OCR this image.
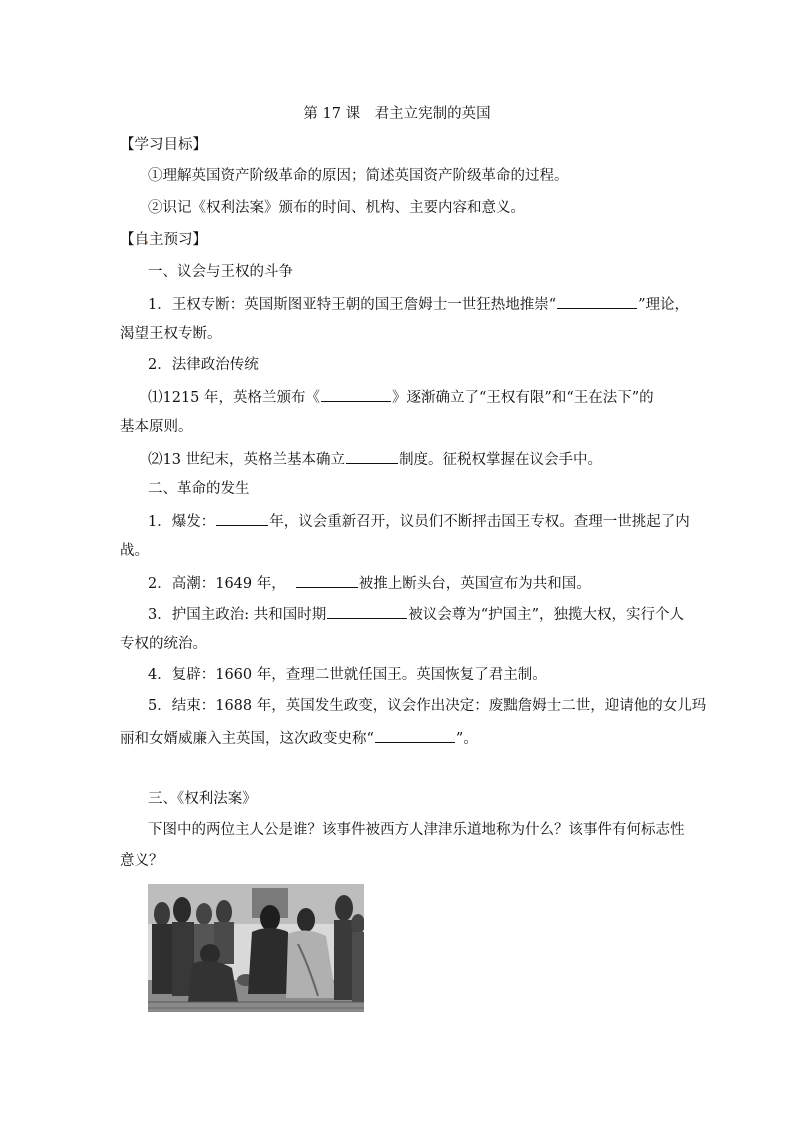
第 17 课　君主立宪制的英国
【学习目标】
①理解英国资产阶级革命的原因；简述英国资产阶级革命的过程。
②识记《权利法案》颁布的时间、机构、主要内容和意义。
【自主预习】
一、议会与王权的斗争
1．王权专断：英国斯图亚特王朝的国王詹姆士一世狂热地推崇“	”理论，
渴望王权专断。
2．法律政治传统
⑴1215 年，英格兰颁布《	》逐渐确立了“王权有限”和“王在法下”的
基本原则。
⑵13 世纪末，英格兰基本确立	制度。征税权掌握在议会手中。
二、革命的发生
1．爆发：	年，议会重新召开，议员们不断抨击国王专权。查理一世挑起了内
战。
2．高潮：1649 年，	被推上断头台，英国宣布为共和国。
3．护国主政治: 共和国时期	被议会尊为“护国主”，独揽大权，实行个人
专权的统治。
4．复辟：1660 年，查理二世就任国王。英国恢复了君主制。
5．结束：1688 年，英国发生政变，议会作出决定：废黜詹姆士二世，迎请他的女儿玛
丽和女婿威廉入主英国，这次政变史称“	”。
三、《权利法案》
下图中的两位主人公是谁？该事件被西方人津津乐道地称为什么？该事件有何标志性
意义？
